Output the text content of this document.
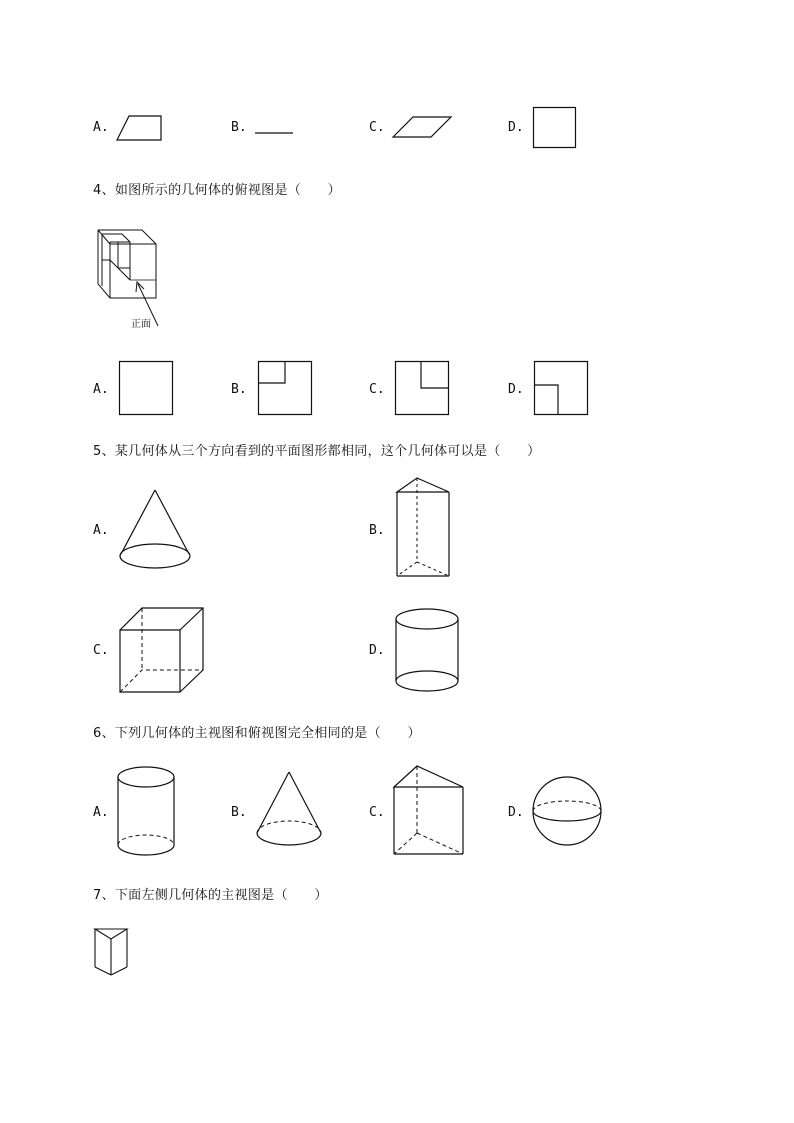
A.	B.	C.	D.
4、如图所示的几何体的俯视图是（　　）
正面
A.	B.	C.	D.
5、某几何体从三个方向看到的平面图形都相同，这个几何体可以是（　　）
A.	B.
C.	D.
6、下列几何体的主视图和俯视图完全相同的是（　　）
A.	B.	C.	D.
7、下面左侧几何体的主视图是（　　）
